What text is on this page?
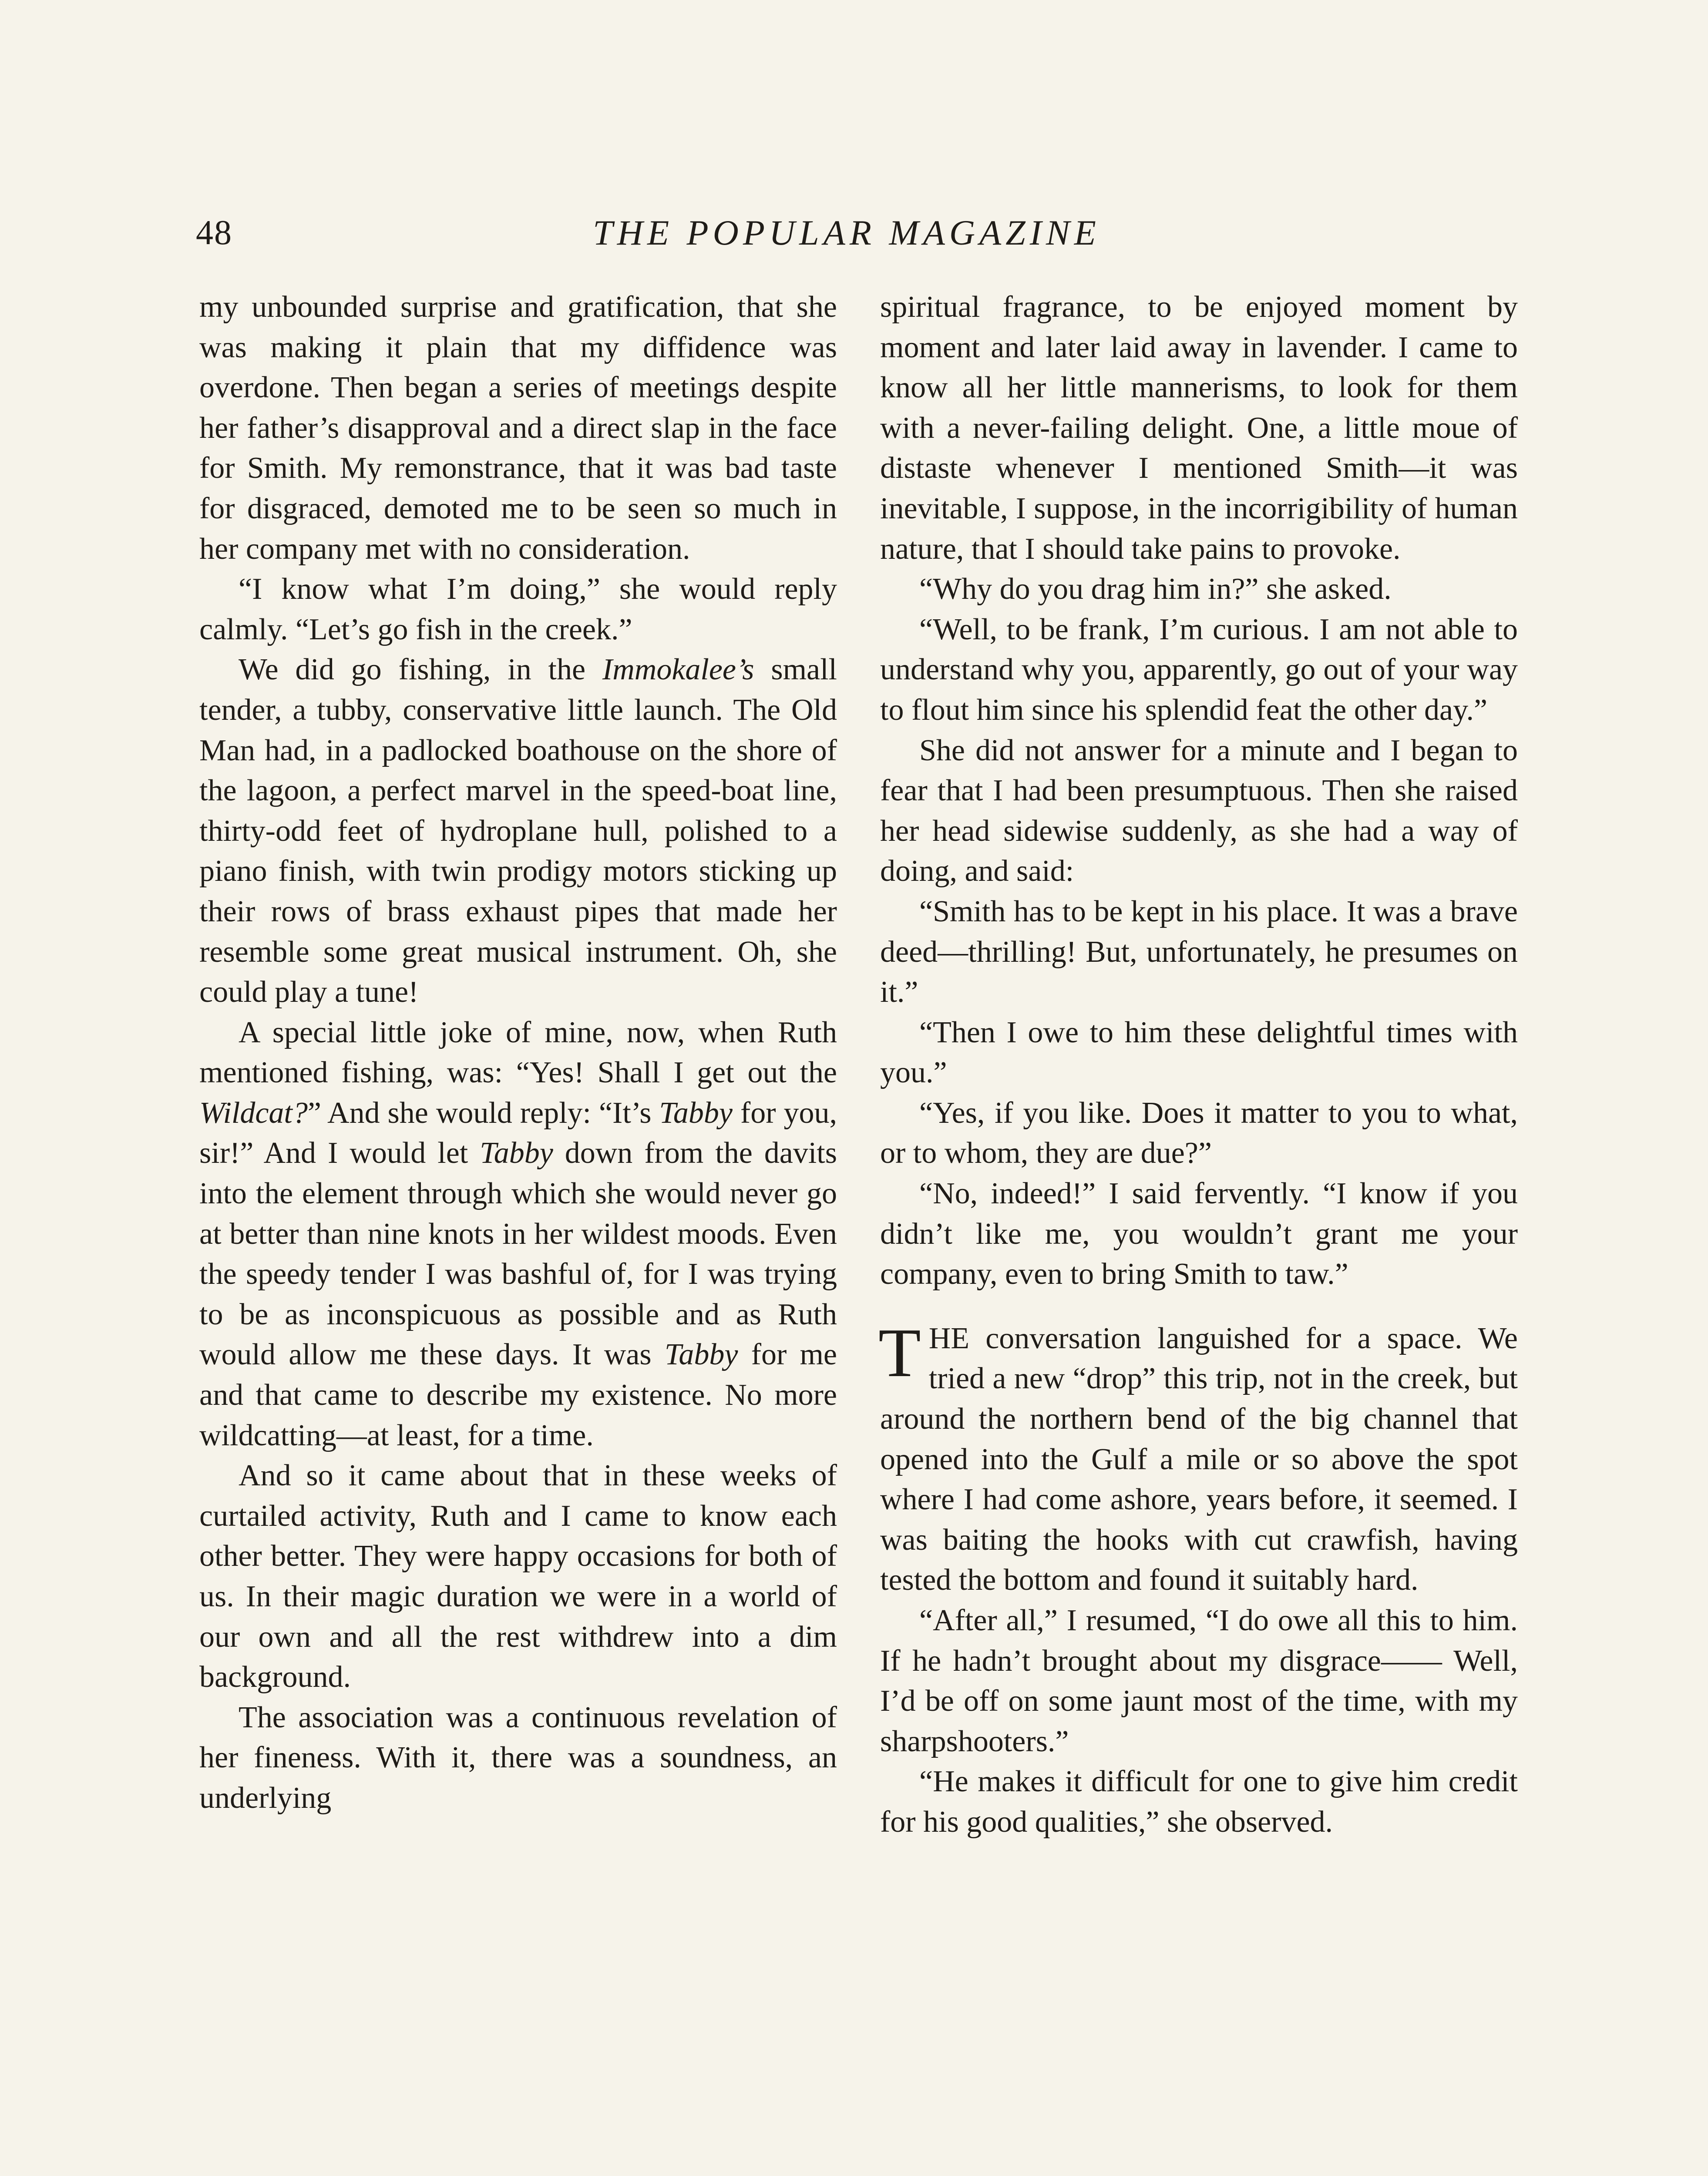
48	THE POPULAR MAGAZINE

my unbounded surprise and gratification, that she was making it plain that my diffidence was overdone. Then began a series of meetings despite her father’s disapproval and a direct slap in the face for Smith. My remonstrance, that it was bad taste for disgraced, demoted me to be seen so much in her company met with no consideration.

“I know what I’m doing,” she would reply calmly. “Let’s go fish in the creek.”

We did go fishing, in the Immokalee’s small tender, a tubby, conservative little launch. The Old Man had, in a padlocked boathouse on the shore of the lagoon, a perfect marvel in the speed-boat line, thirty-odd feet of hydroplane hull, polished to a piano finish, with twin prodigy motors sticking up their rows of brass exhaust pipes that made her resemble some great musical instrument. Oh, she could play a tune!

A special little joke of mine, now, when Ruth mentioned fishing, was: “Yes! Shall I get out the Wildcat?” And she would reply: “It’s Tabby for you, sir!” And I would let Tabby down from the davits into the element through which she would never go at better than nine knots in her wildest moods. Even the speedy tender I was bashful of, for I was trying to be as inconspicuous as possible and as Ruth would allow me these days. It was Tabby for me and that came to describe my existence. No more wildcatting—at least, for a time.

And so it came about that in these weeks of curtailed activity, Ruth and I came to know each other better. They were happy occasions for both of us. In their magic duration we were in a world of our own and all the rest withdrew into a dim background.

The association was a continuous revelation of her fineness. With it, there was a soundness, an underlying

spiritual fragrance, to be enjoyed moment by moment and later laid away in lavender. I came to know all her little mannerisms, to look for them with a never-failing delight. One, a little moue of distaste whenever I mentioned Smith—it was inevitable, I suppose, in the incorrigibility of human nature, that I should take pains to provoke.

“Why do you drag him in?” she asked.

“Well, to be frank, I’m curious. I am not able to understand why you, apparently, go out of your way to flout him since his splendid feat the other day.”

She did not answer for a minute and I began to fear that I had been presumptuous. Then she raised her head sidewise suddenly, as she had a way of doing, and said:

“Smith has to be kept in his place. It was a brave deed—thrilling! But, unfortunately, he presumes on it.”

“Then I owe to him these delightful times with you.”

“Yes, if you like. Does it matter to you to what, or to whom, they are due?”

“No, indeed!” I said fervently. “I know if you didn’t like me, you wouldn’t grant me your company, even to bring Smith to taw.”

THE conversation languished for a space. We tried a new “drop” this trip, not in the creek, but around the northern bend of the big channel that opened into the Gulf a mile or so above the spot where I had come ashore, years before, it seemed. I was baiting the hooks with cut crawfish, having tested the bottom and found it suitably hard.

“After all,” I resumed, “I do owe all this to him. If he hadn’t brought about my disgrace—— Well, I’d be off on some jaunt most of the time, with my sharpshooters.”

“He makes it difficult for one to give him credit for his good qualities,” she observed.
